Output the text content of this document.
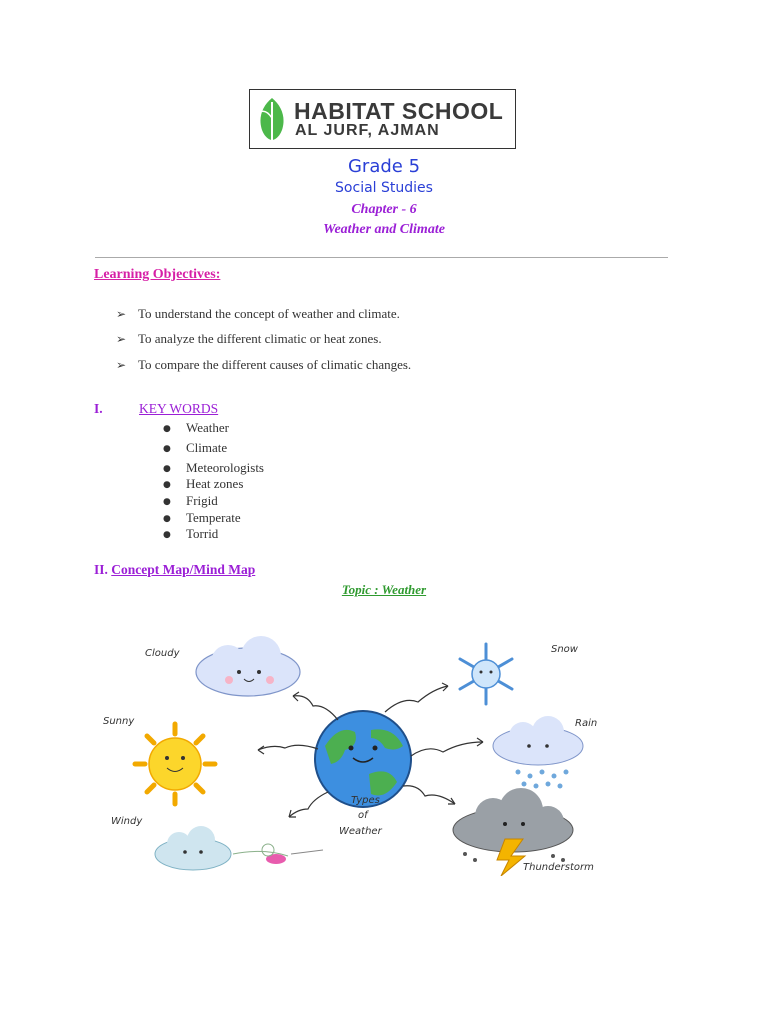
HABITAT SCHOOL
AL JURF, AJMAN
Grade 5
Social Studies
Chapter - 6
Weather and Climate
Learning Objectives:
➢ To understand the concept of weather and climate.
➢ To analyze the different climatic or heat zones.
➢ To compare the different causes of climatic changes.
I.	KEY WORDS
● Weather
● Climate
● Meteorologists
● Heat zones
● Frigid
● Temperate
● Torrid
II. Concept Map/Mind Map
Topic : Weather
Cloudy
Sunny
Windy
Types
of
Weather
Snow
Rain
Thunderstorm
